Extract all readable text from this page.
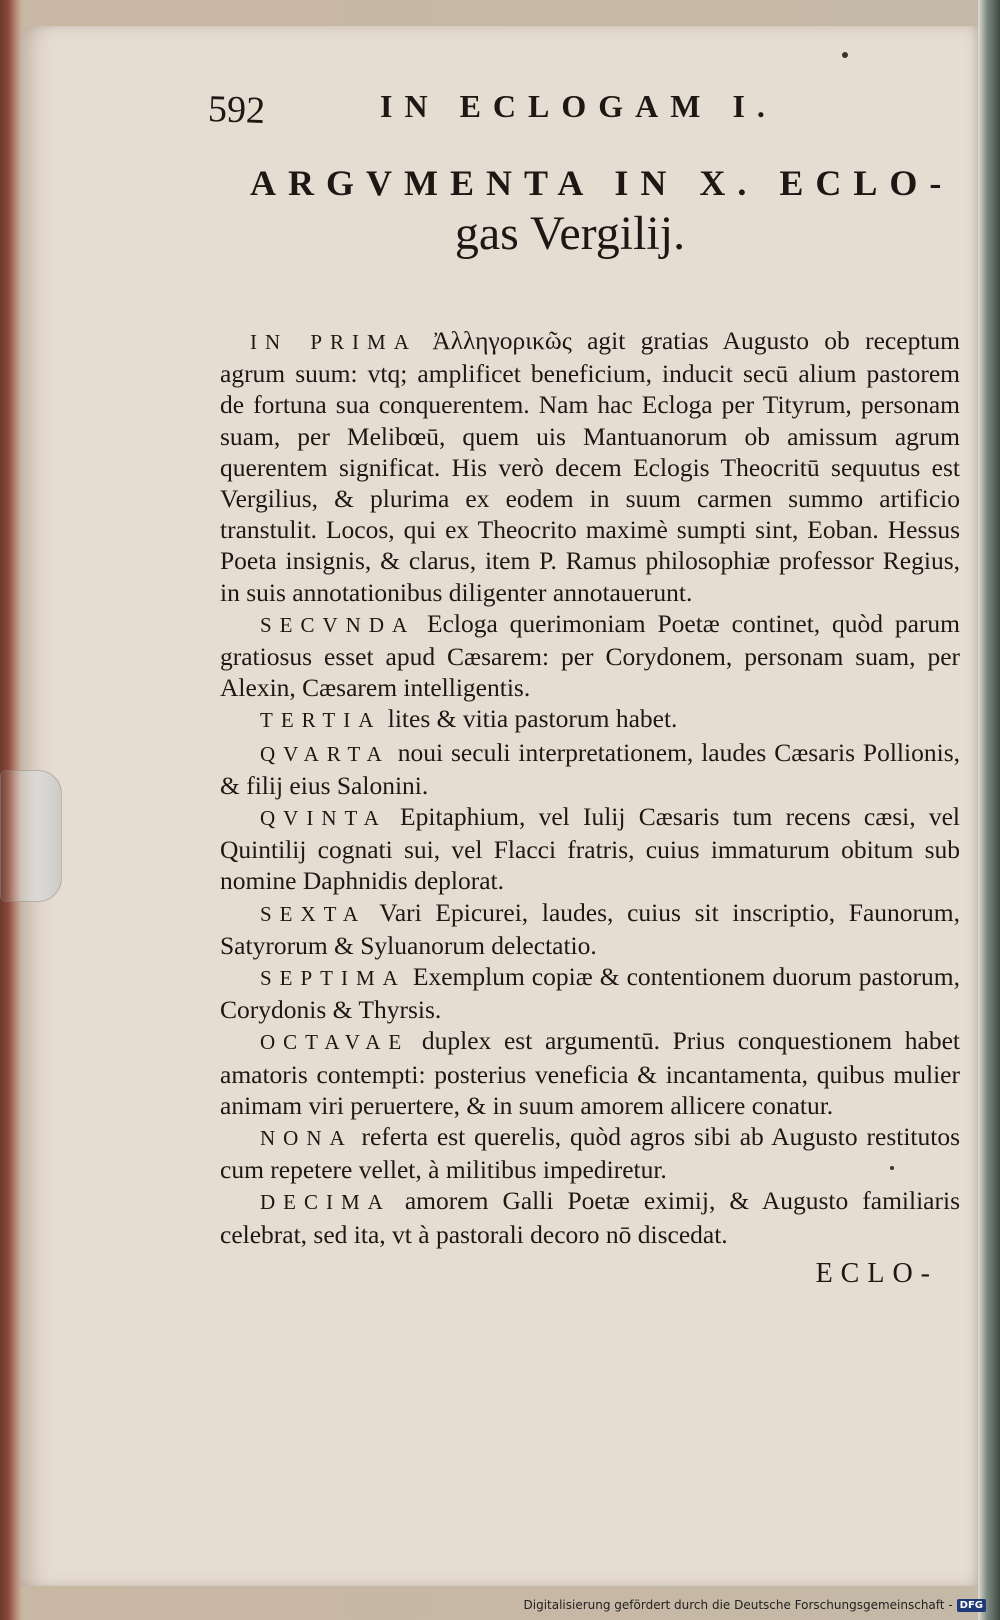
592	IN ECLOGAM I.
ARGVMENTA IN X. ECLO-
gas Vergilij.

IN PRIMA Ἀλληγορικῶς agit gratias Augusto ob receptum agrum suum: vtq; amplificet beneficium, inducit secū alium pastorem de fortuna sua conquerentem. Nam hac Ecloga per Tityrum, personam suam, per Melibœū, quem uis Mantuanorum ob amissum agrum querentem significat. His verò decem Eclogis Theocritū sequutus est Vergilius, & plurima ex eodem in suum carmen summo artificio transtulit. Locos, qui ex Theocrito maximè sumpti sint, Eoban. Hessus Poeta insignis, & clarus, item P. Ramus philosophiæ professor Regius, in suis annotationibus diligenter annotauerunt.

SECVNDA Ecloga querimoniam Poetæ continet, quòd parum gratiosus esset apud Cæsarem: per Corydonem, personam suam, per Alexin, Cæsarem intelligentis.

TERTIA lites & vitia pastorum habet.

QVARTA noui seculi interpretationem, laudes Cæsaris Pollionis, & filij eius Salonini.

QVINTA Epitaphium, vel Iulij Cæsaris tum recens cæsi, vel Quintilij cognati sui, vel Flacci fratris, cuius immaturum obitum sub nomine Daphnidis deplorat.

SEXTA Vari Epicurei, laudes, cuius sit inscriptio, Faunorum, Satyrorum & Syluanorum delectatio.

SEPTIMA Exemplum copiæ & contentionem duorum pastorum, Corydonis & Thyrsis.

OCTAVAE duplex est argumentū. Prius conquestionem habet amatoris contempti: posterius veneficia & incantamenta, quibus mulier animam viri peruertere, & in suum amorem allicere conatur.

NONA referta est querelis, quòd agros sibi ab Augusto restitutos cum repetere vellet, à militibus impediretur.

DECIMA amorem Galli Poetæ eximij, & Augusto familiaris celebrat, sed ita, vt à pastorali decoro nō discedat.

ECLO-
Digitalisierung gefördert durch die Deutsche Forschungsgemeinschaft - DFG
